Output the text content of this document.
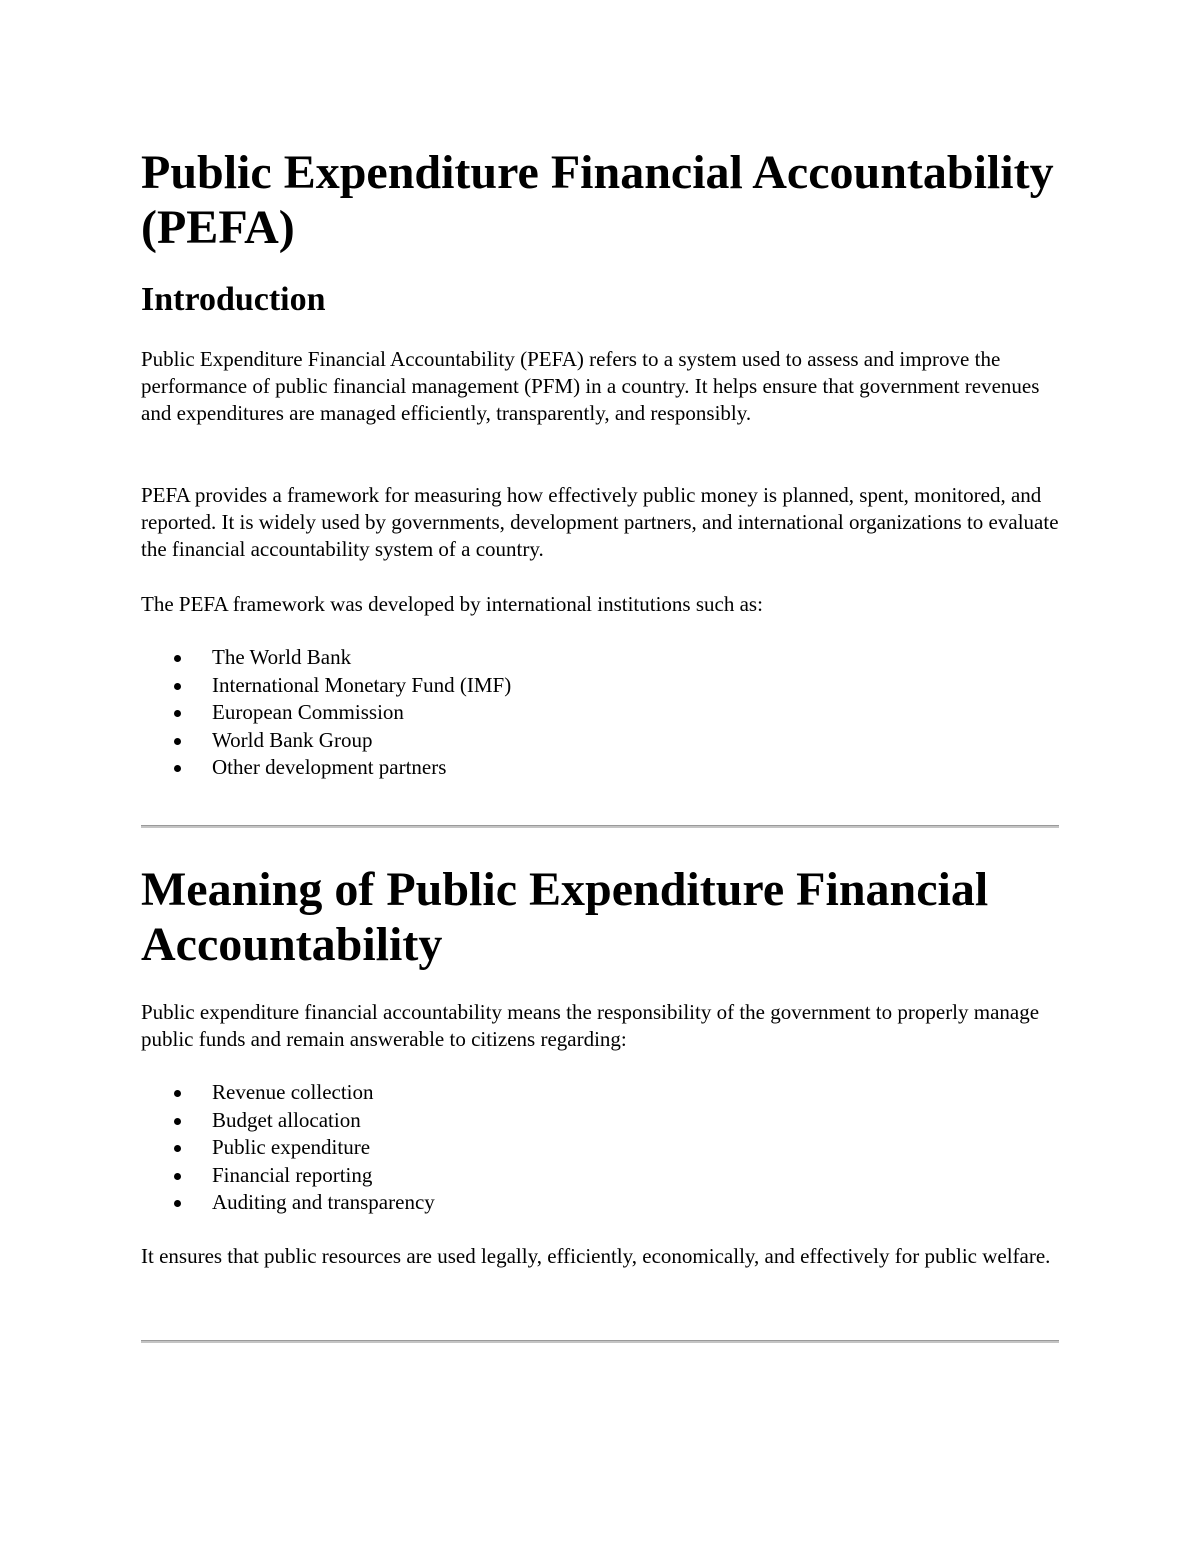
Public Expenditure Financial Accountability (PEFA)
Introduction

Public Expenditure Financial Accountability (PEFA) refers to a system used to assess and improve the performance of public financial management (PFM) in a country. It helps ensure that government revenues and expenditures are managed efficiently, transparently, and responsibly.

PEFA provides a framework for measuring how effectively public money is planned, spent, monitored, and reported. It is widely used by governments, development partners, and international organizations to evaluate the financial accountability system of a country.

The PEFA framework was developed by international institutions such as:

The World Bank
International Monetary Fund (IMF)
European Commission
World Bank Group
Other development partners
Meaning of Public Expenditure Financial Accountability

Public expenditure financial accountability means the responsibility of the government to properly manage public funds and remain answerable to citizens regarding:

Revenue collection
Budget allocation
Public expenditure
Financial reporting
Auditing and transparency

It ensures that public resources are used legally, efficiently, economically, and effectively for public welfare.
